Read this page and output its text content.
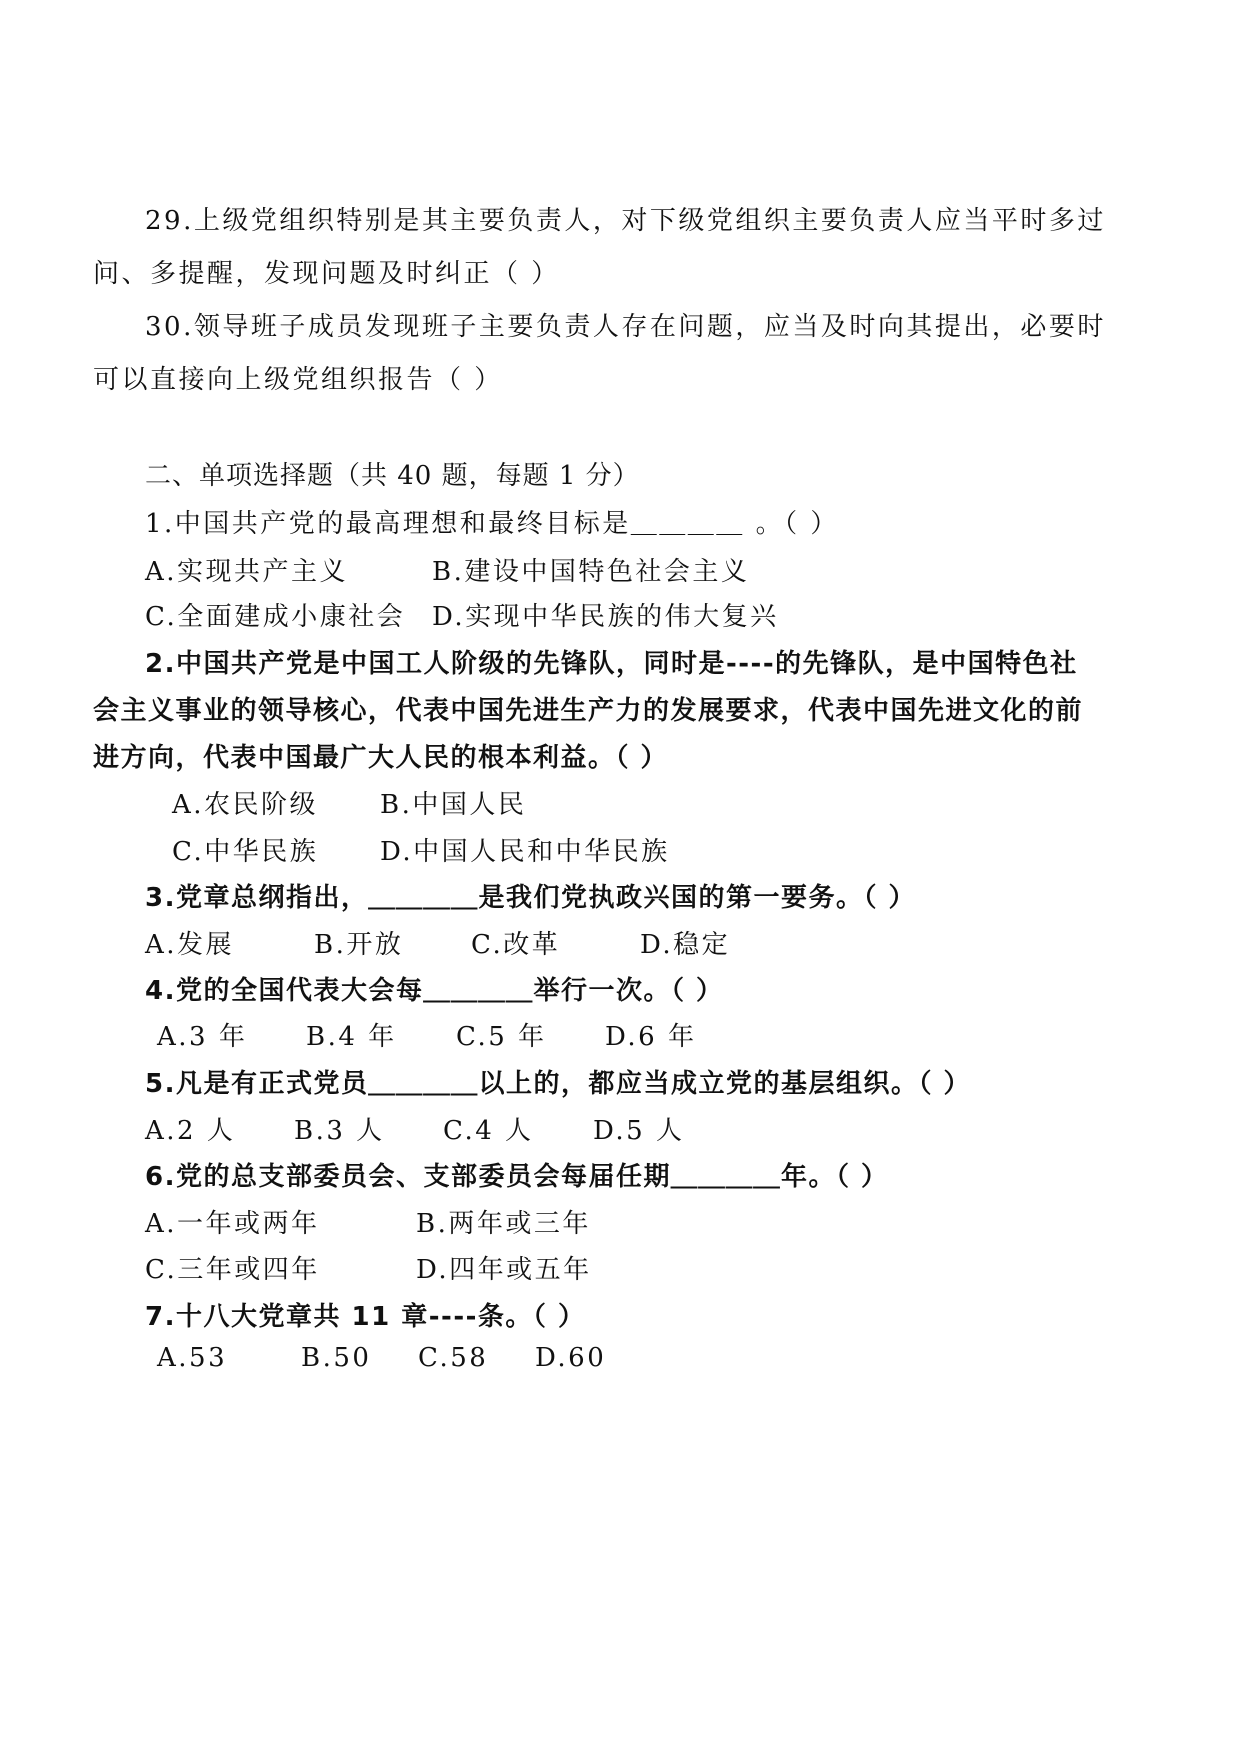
29.上级党组织特别是其主要负责人，对下级党组织主要负责人应当平时多过
问、多提醒，发现问题及时纠正（ ）
30.领导班子成员发现班子主要负责人存在问题，应当及时向其提出，必要时
可以直接向上级党组织报告（ ）
二、单项选择题（共 40 题，每题 1 分）
1.中国共产党的最高理想和最终目标是＿＿＿＿ 。（ ）
A.实现共产主义	B.建设中国特色社会主义
C.全面建成小康社会 D.实现中华民族的伟大复兴
2.中国共产党是中国工人阶级的先锋队，同时是----的先锋队，是中国特色社
会主义事业的领导核心，代表中国先进生产力的发展要求，代表中国先进文化的前
进方向，代表中国最广大人民的根本利益。（ ）
A.农民阶级 B.中国人民
C.中华民族 D.中国人民和中华民族
3.党章总纲指出，＿＿＿＿是我们党执政兴国的第一要务。（ ）
A.发展	B.开放	C.改革	D.稳定
4.党的全国代表大会每＿＿＿＿举行一次。（ ）
A.3 年 B.4 年 C.5 年 D.6 年
5.凡是有正式党员＿＿＿＿以上的，都应当成立党的基层组织。（ ）
A.2 人 B.3 人 C.4 人 D.5 人
6.党的总支部委员会、支部委员会每届任期＿＿＿＿年。（ ）
A.一年或两年	B.两年或三年
C.三年或四年	D.四年或五年
7.十八大党章共 11 章----条。（ ）
A.53	B.50 C.58 D.60
